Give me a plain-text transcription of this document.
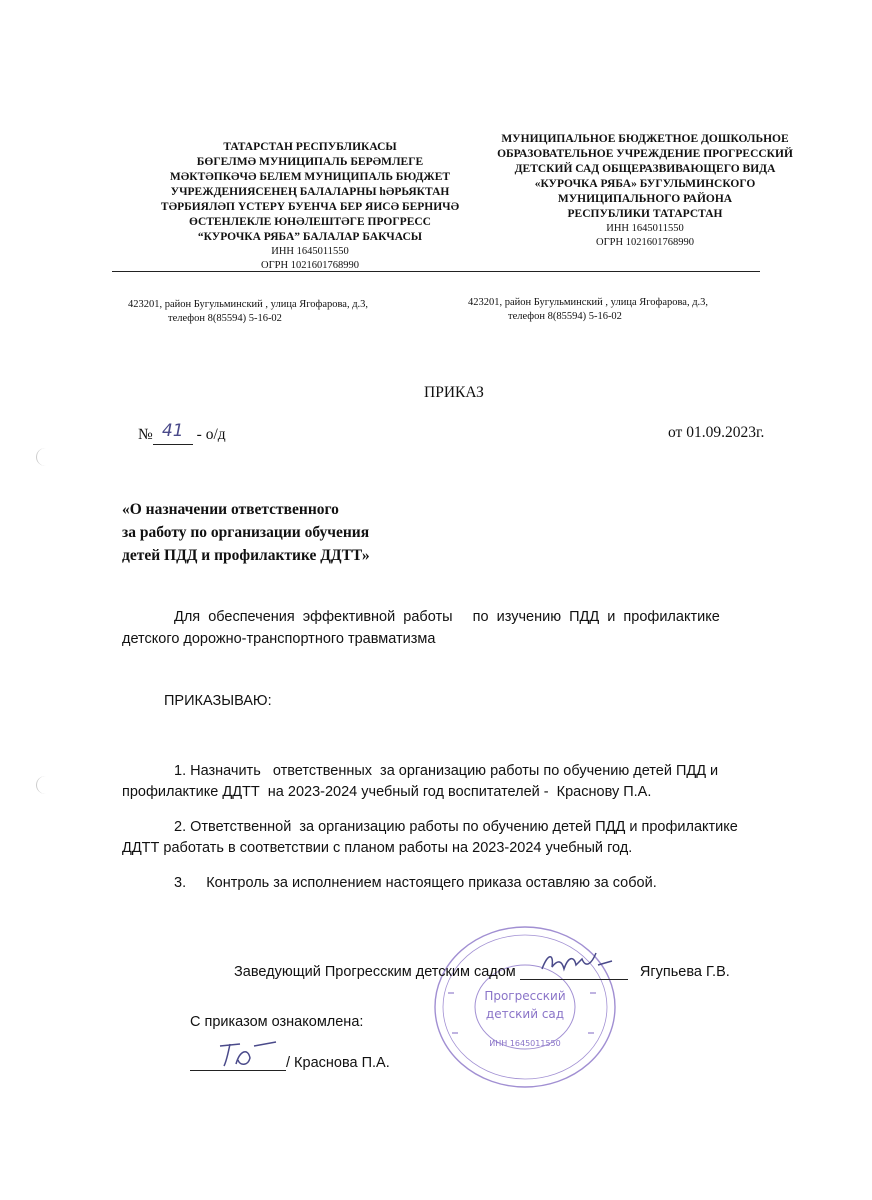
ТАТАРСТАН РЕСПУБЛИКАСЫ
БӨГЕЛМӘ МУНИЦИПАЛЬ БЕРӘМЛЕГЕ
МӘКТӘПКӘЧӘ БЕЛЕМ МУНИЦИПАЛЬ БЮДЖЕТ
УЧРЕЖДЕНИЯСЕНЕҢ БАЛАЛАРНЫ һӘРЬЯКТАН
ТӘРБИЯЛӘП ҮСТЕРҮ БУЕНЧА БЕР ЯИСӘ БЕРНИЧӘ
ӨСТЕНЛЕКЛЕ ЮНӘЛЕШТӘГЕ ПРОГРЕСС
“КУРОЧКА РЯБА” БАЛАЛАР БАКЧАСЫ
ИНН 1645011550
ОГРН 1021601768990
МУНИЦИПАЛЬНОЕ БЮДЖЕТНОЕ ДОШКОЛЬНОЕ
ОБРАЗОВАТЕЛЬНОЕ УЧРЕЖДЕНИЕ ПРОГРЕССКИЙ
ДЕТСКИЙ САД ОБЩЕРАЗВИВАЮЩЕГО ВИДА
«КУРОЧКА РЯБА» БУГУЛЬМИНСКОГО
МУНИЦИПАЛЬНОГО РАЙОНА
РЕСПУБЛИКИ ТАТАРСТАН
ИНН 1645011550
ОГРН 1021601768990
423201, район Бугульминский , улица Ягофарова, д.3,
телефон 8(85594) 5-16-02
423201, район Бугульминский , улица Ягофарова, д.3,
телефон 8(85594) 5-16-02
ПРИКАЗ
№ 41 - о/д	от 01.09.2023г.
«О назначении ответственного
за работу по организации обучения
детей ПДД и профилактике ДДТТ»
Для  обеспечения  эффективной  работы     по  изучению  ПДД  и  профилактике
детского дорожно-транспортного травматизма
ПРИКАЗЫВАЮ:
1. Назначить   ответственных  за организацию работы по обучению детей ПДД и
профилактике ДДТТ  на 2023-2024 учебный год воспитателей -  Краснову П.А.
2. Ответственной  за организацию работы по обучению детей ПДД и профилактике
ДДТТ работать в соответствии с планом работы на 2023-2024 учебный год.
3.     Контроль за исполнением настоящего приказа оставляю за собой.
Прогресский
детский сад
ИНН 1645011550
Заведующий Прогресским детским садом	Ягупьева Г.В.
С приказом ознакомлена:
/ Краснова П.А.
